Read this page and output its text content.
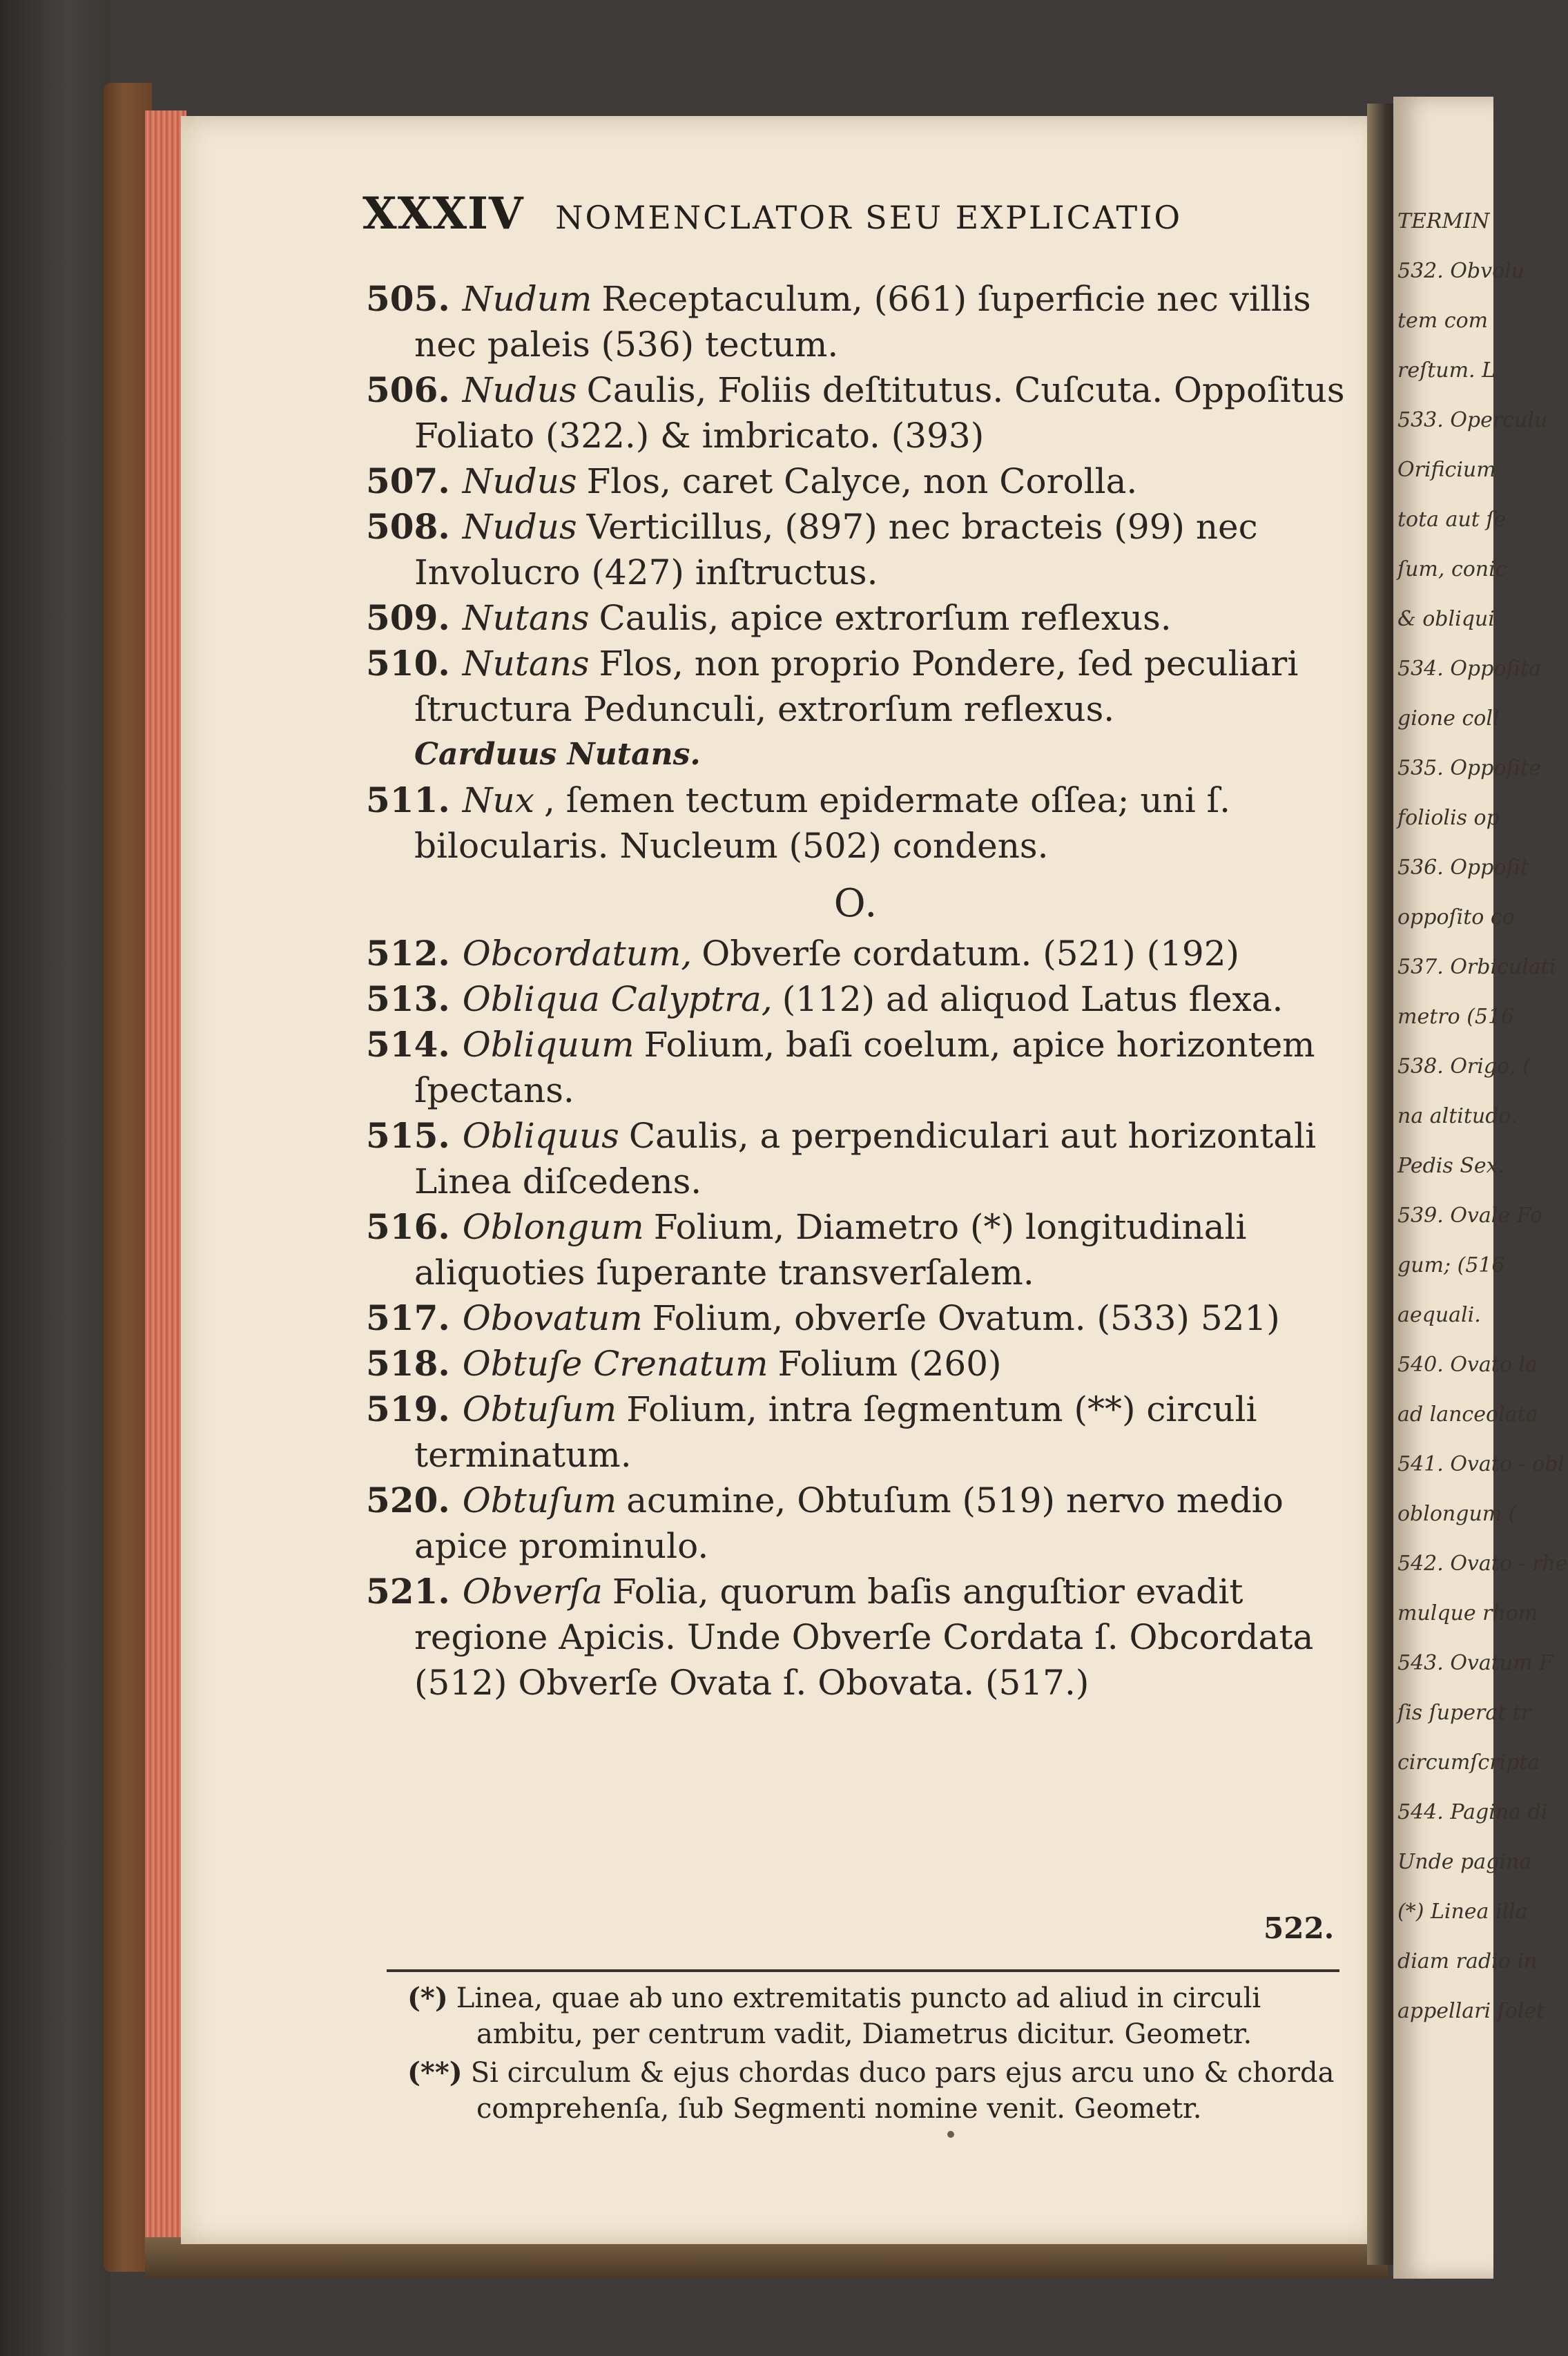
XXXIV NOMENCLATOR SEU EXPLICATIO

505. Nudum Receptaculum, (661) ſuperficie nec villis nec paleis (536) tectum.

506. Nudus Caulis, Foliis deſtitutus. Cuſcuta. Oppoſitus Foliato (322.) & imbricato. (393)

507. Nudus Flos, caret Calyce, non Corolla.

508. Nudus Verticillus, (897) nec bracteis (99) nec Involucro (427) inſtructus.

509. Nutans Caulis, apice extrorſum reflexus.

510. Nutans Flos, non proprio Pondere, ſed peculiari ſtructura Pedunculi, extrorſum reflexus.
Carduus Nutans.

511. Nux , ſemen tectum epidermate oſſea; uni ſ. bilocularis. Nucleum (502) condens.

O.

512. Obcordatum, Obverſe cordatum. (521) (192)

513. Obliqua Calyptra, (112) ad aliquod Latus flexa.

514. Obliquum Folium, baſi coelum, apice horizontem ſpectans.

515. Obliquus Caulis, a perpendiculari aut horizontali Linea diſcedens.

516. Oblongum Folium, Diametro (*) longitudinali aliquoties ſuperante transverſalem.

517. Obovatum Folium, obverſe Ovatum. (533) 521)

518. Obtuſe Crenatum Folium (260)

519. Obtuſum Folium, intra ſegmentum (**) circuli terminatum.

520. Obtuſum acumine, Obtuſum (519) nervo medio apice prominulo.

521. Obverſa Folia, quorum baſis anguſtior evadit regione Apicis. Unde Obverſe Cordata ſ. Obcordata (512) Obverſe Ovata ſ. Obovata. (517.)

522.

(*) Linea, quae ab uno extremitatis puncto ad aliud in circuli ambitu, per centrum vadit, Diametrus dicitur. Geometr.

(**) Si circulum & ejus chordas duco pars ejus arcu uno & chorda comprehenſa, ſub Segmenti nomine venit. Geometr.

TERMIN

532. Obvolu

tem com

reſtum. L

533. Operculu

Orificium

tota aut ſe

ſum, conic

& obliqui

534. Oppoſita

gione coll

535. Oppoſite

foliolis op

536. Oppoſit

oppoſito co

537. Orbiculati

metro (516

538. Origo, (

na altitudo.

Pedis Sex.

539. Ovale Fo

gum; (516

aequali.

540. Ovato la

ad lanceolata

541. Ovato - obl

oblongum (

542. Ovato - rhe

mulque rhom

543. Ovatum F

ſis ſuperat tr

circumſcripta

544. Pagina di

Unde pagina

(*) Linea illa

diam radio in

appellari ſolet
